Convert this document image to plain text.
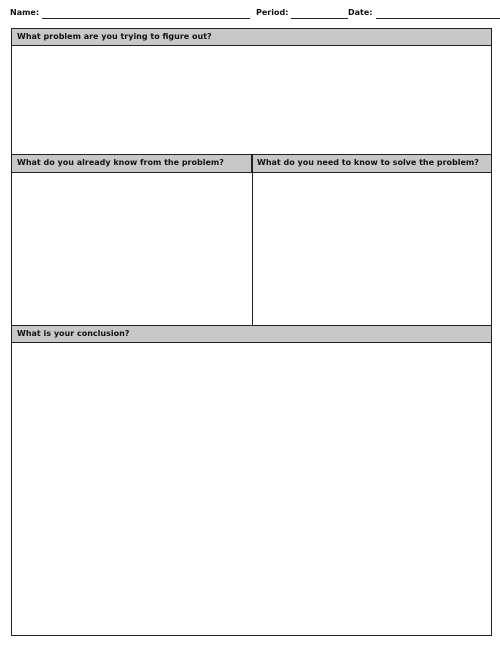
Name:	Period:	Date:
What problem are you trying to figure out?
What do you already know from the problem?	What do you need to know to solve the problem?
What is your conclusion?
